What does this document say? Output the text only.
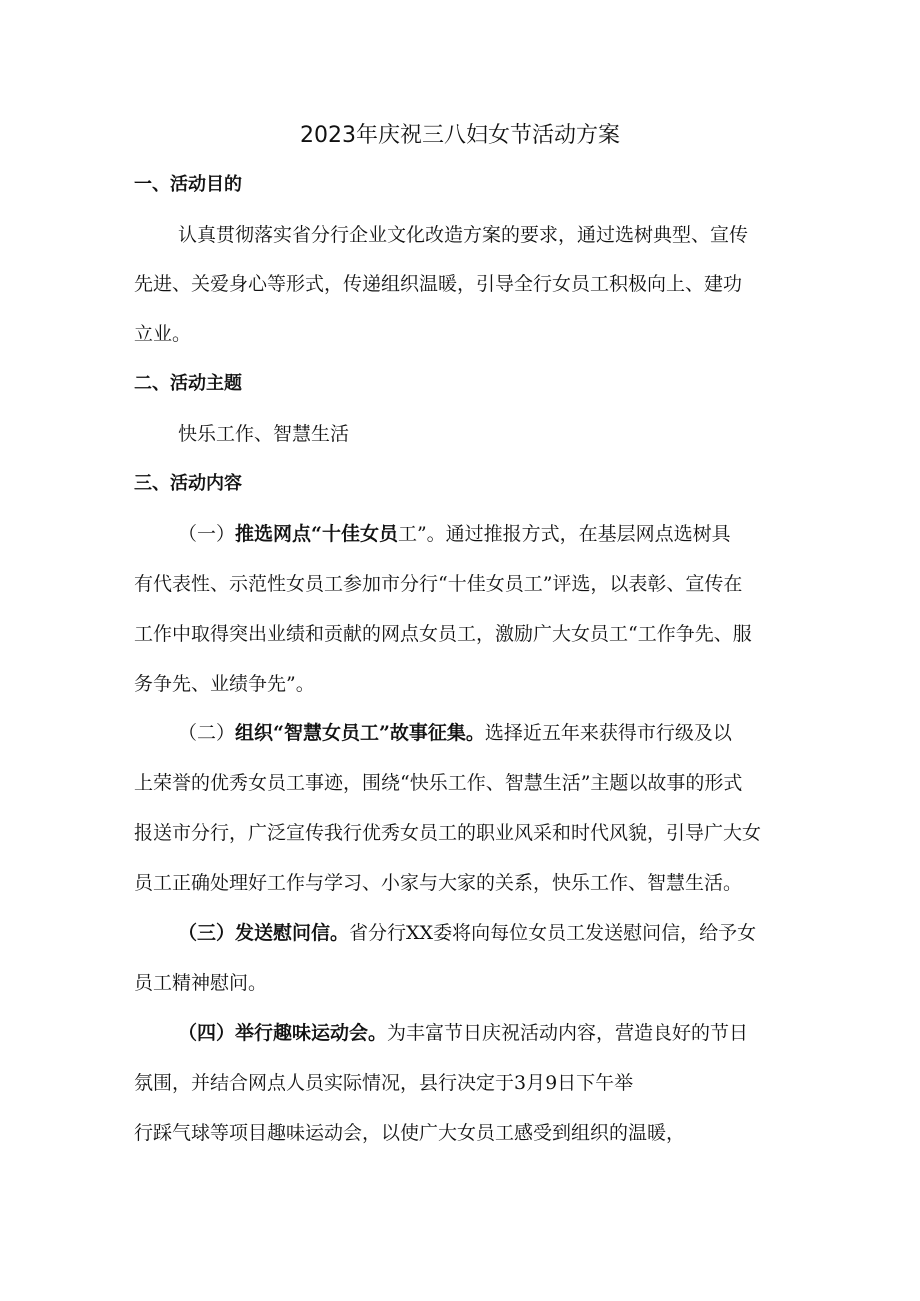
2023年庆祝三八妇女节活动方案

一、活动目的

认真贯彻落实省分行企业文化改造方案的要求，通过选树典型、宣传

先进、关爱身心等形式，传递组织温暖，引导全行女员工积极向上、建功

立业。

二、活动主题

快乐工作、智慧生活

三、活动内容

（一）推选网点“十佳女员工”。通过推报方式，在基层网点选树具

有代表性、示范性女员工参加市分行“十佳女员工”评选，以表彰、宣传在

工作中取得突出业绩和贡献的网点女员工，激励广大女员工“工作争先、服

务争先、业绩争先”。

（二）组织“智慧女员工”故事征集。选择近五年来获得市行级及以

上荣誉的优秀女员工事迹，围绕“快乐工作、智慧生活”主题以故事的形式

报送市分行，广泛宣传我行优秀女员工的职业风采和时代风貌，引导广大女

员工正确处理好工作与学习、小家与大家的关系，快乐工作、智慧生活。

（三）发送慰问信。省分行XX委将向每位女员工发送慰问信，给予女

员工精神慰问。

（四）举行趣味运动会。为丰富节日庆祝活动内容，营造良好的节日

氛围，并结合网点人员实际情况，县行决定于3月9日下午举

行踩气球等项目趣味运动会，以使广大女员工感受到组织的温暖，
